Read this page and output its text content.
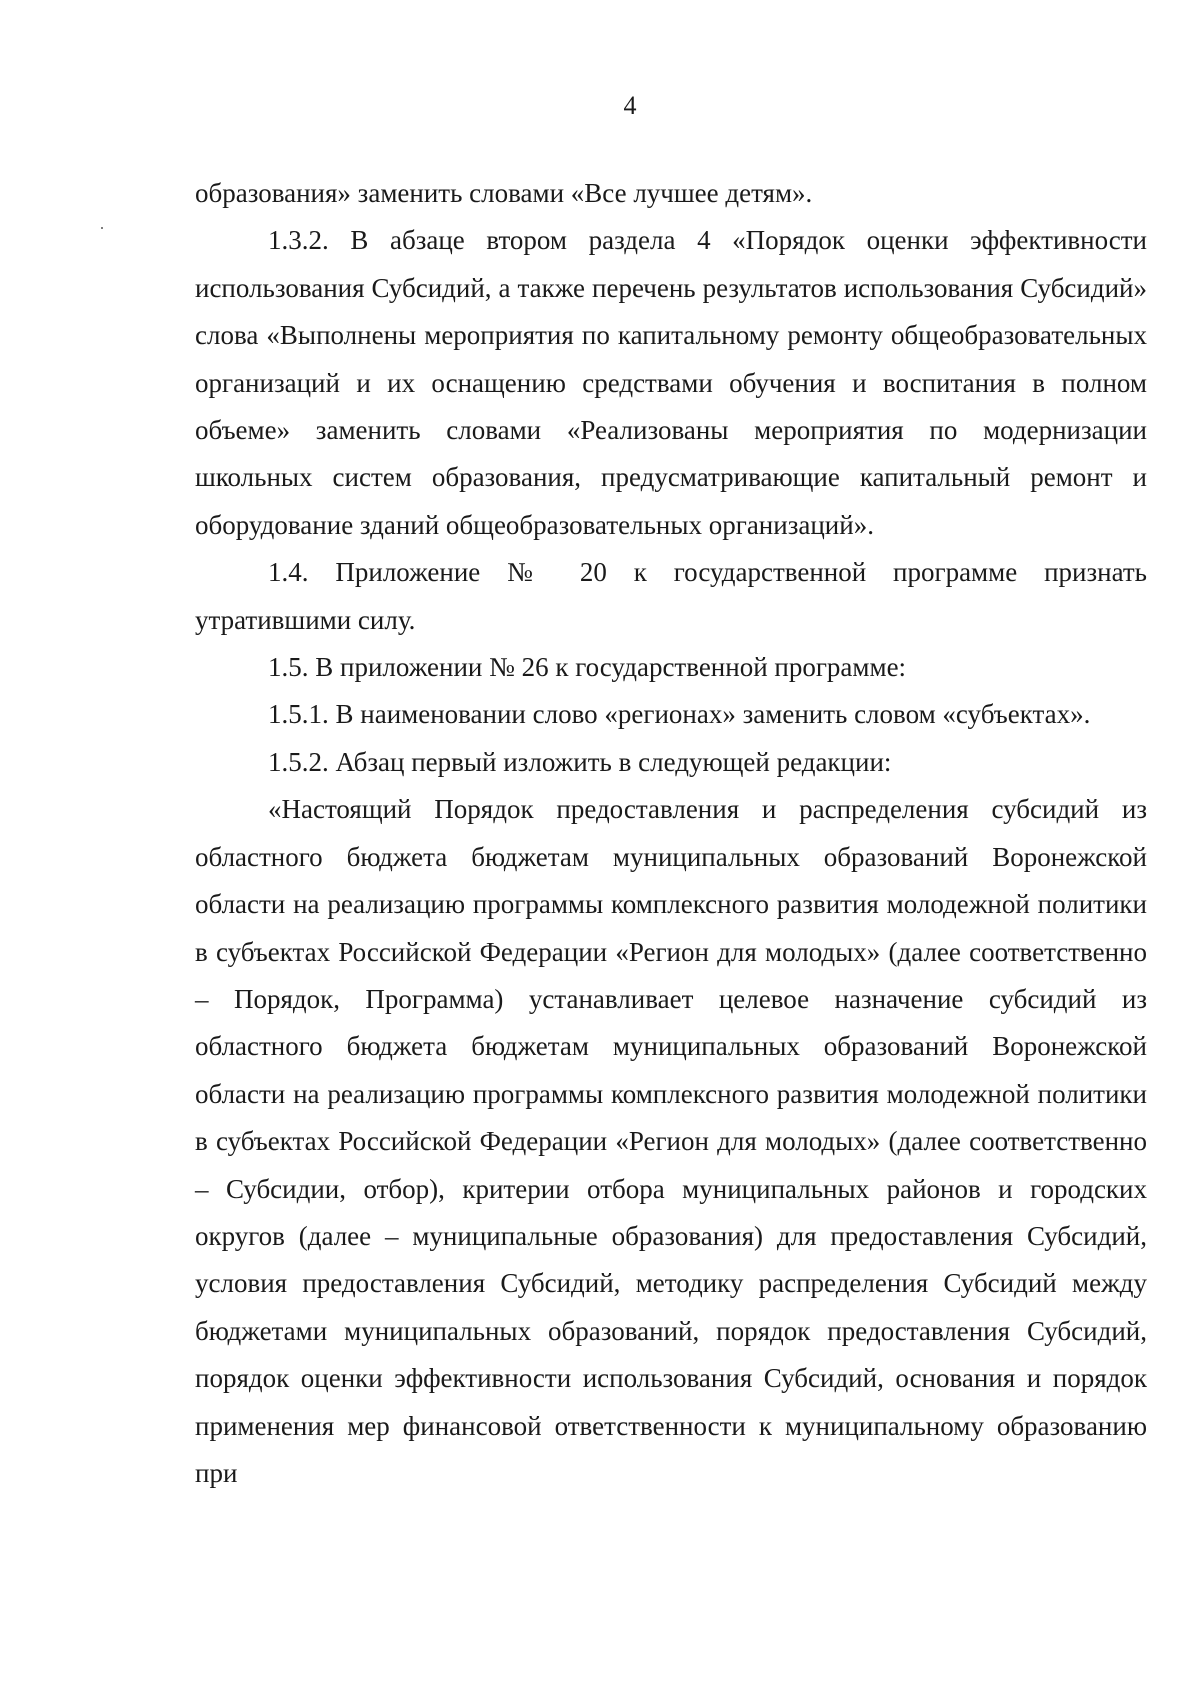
4

образования» заменить словами «Все лучшее детям».

1.3.2. В абзаце втором раздела 4 «Порядок оценки эффективности использования Субсидий, а также перечень результатов использования Субсидий» слова «Выполнены мероприятия по капитальному ремонту общеобразовательных организаций и их оснащению средствами обучения и воспитания в полном объеме» заменить словами «Реализованы мероприятия по модернизации школьных систем образования, предусматривающие капитальный ремонт и оборудование зданий общеобразовательных организаций».

1.4. Приложение № 20 к государственной программе признать утратившими силу.

1.5. В приложении № 26 к государственной программе:

1.5.1. В наименовании слово «регионах» заменить словом «субъектах».

1.5.2. Абзац первый изложить в следующей редакции:

«Настоящий Порядок предоставления и распределения субсидий из областного бюджета бюджетам муниципальных образований Воронежской области на реализацию программы комплексного развития молодежной политики в субъектах Российской Федерации «Регион для молодых» (далее соответственно – Порядок, Программа) устанавливает целевое назначение субсидий из областного бюджета бюджетам муниципальных образований Воронежской области на реализацию программы комплексного развития молодежной политики в субъектах Российской Федерации «Регион для молодых» (далее соответственно – Субсидии, отбор), критерии отбора муниципальных районов и городских округов (далее – муниципальные образования) для предоставления Субсидий, условия предоставления Субсидий, методику распределения Субсидий между бюджетами муниципальных образований, порядок предоставления Субсидий, порядок оценки эффективности использования Субсидий, основания и порядок применения мер финансовой ответственности к муниципальному образованию при
